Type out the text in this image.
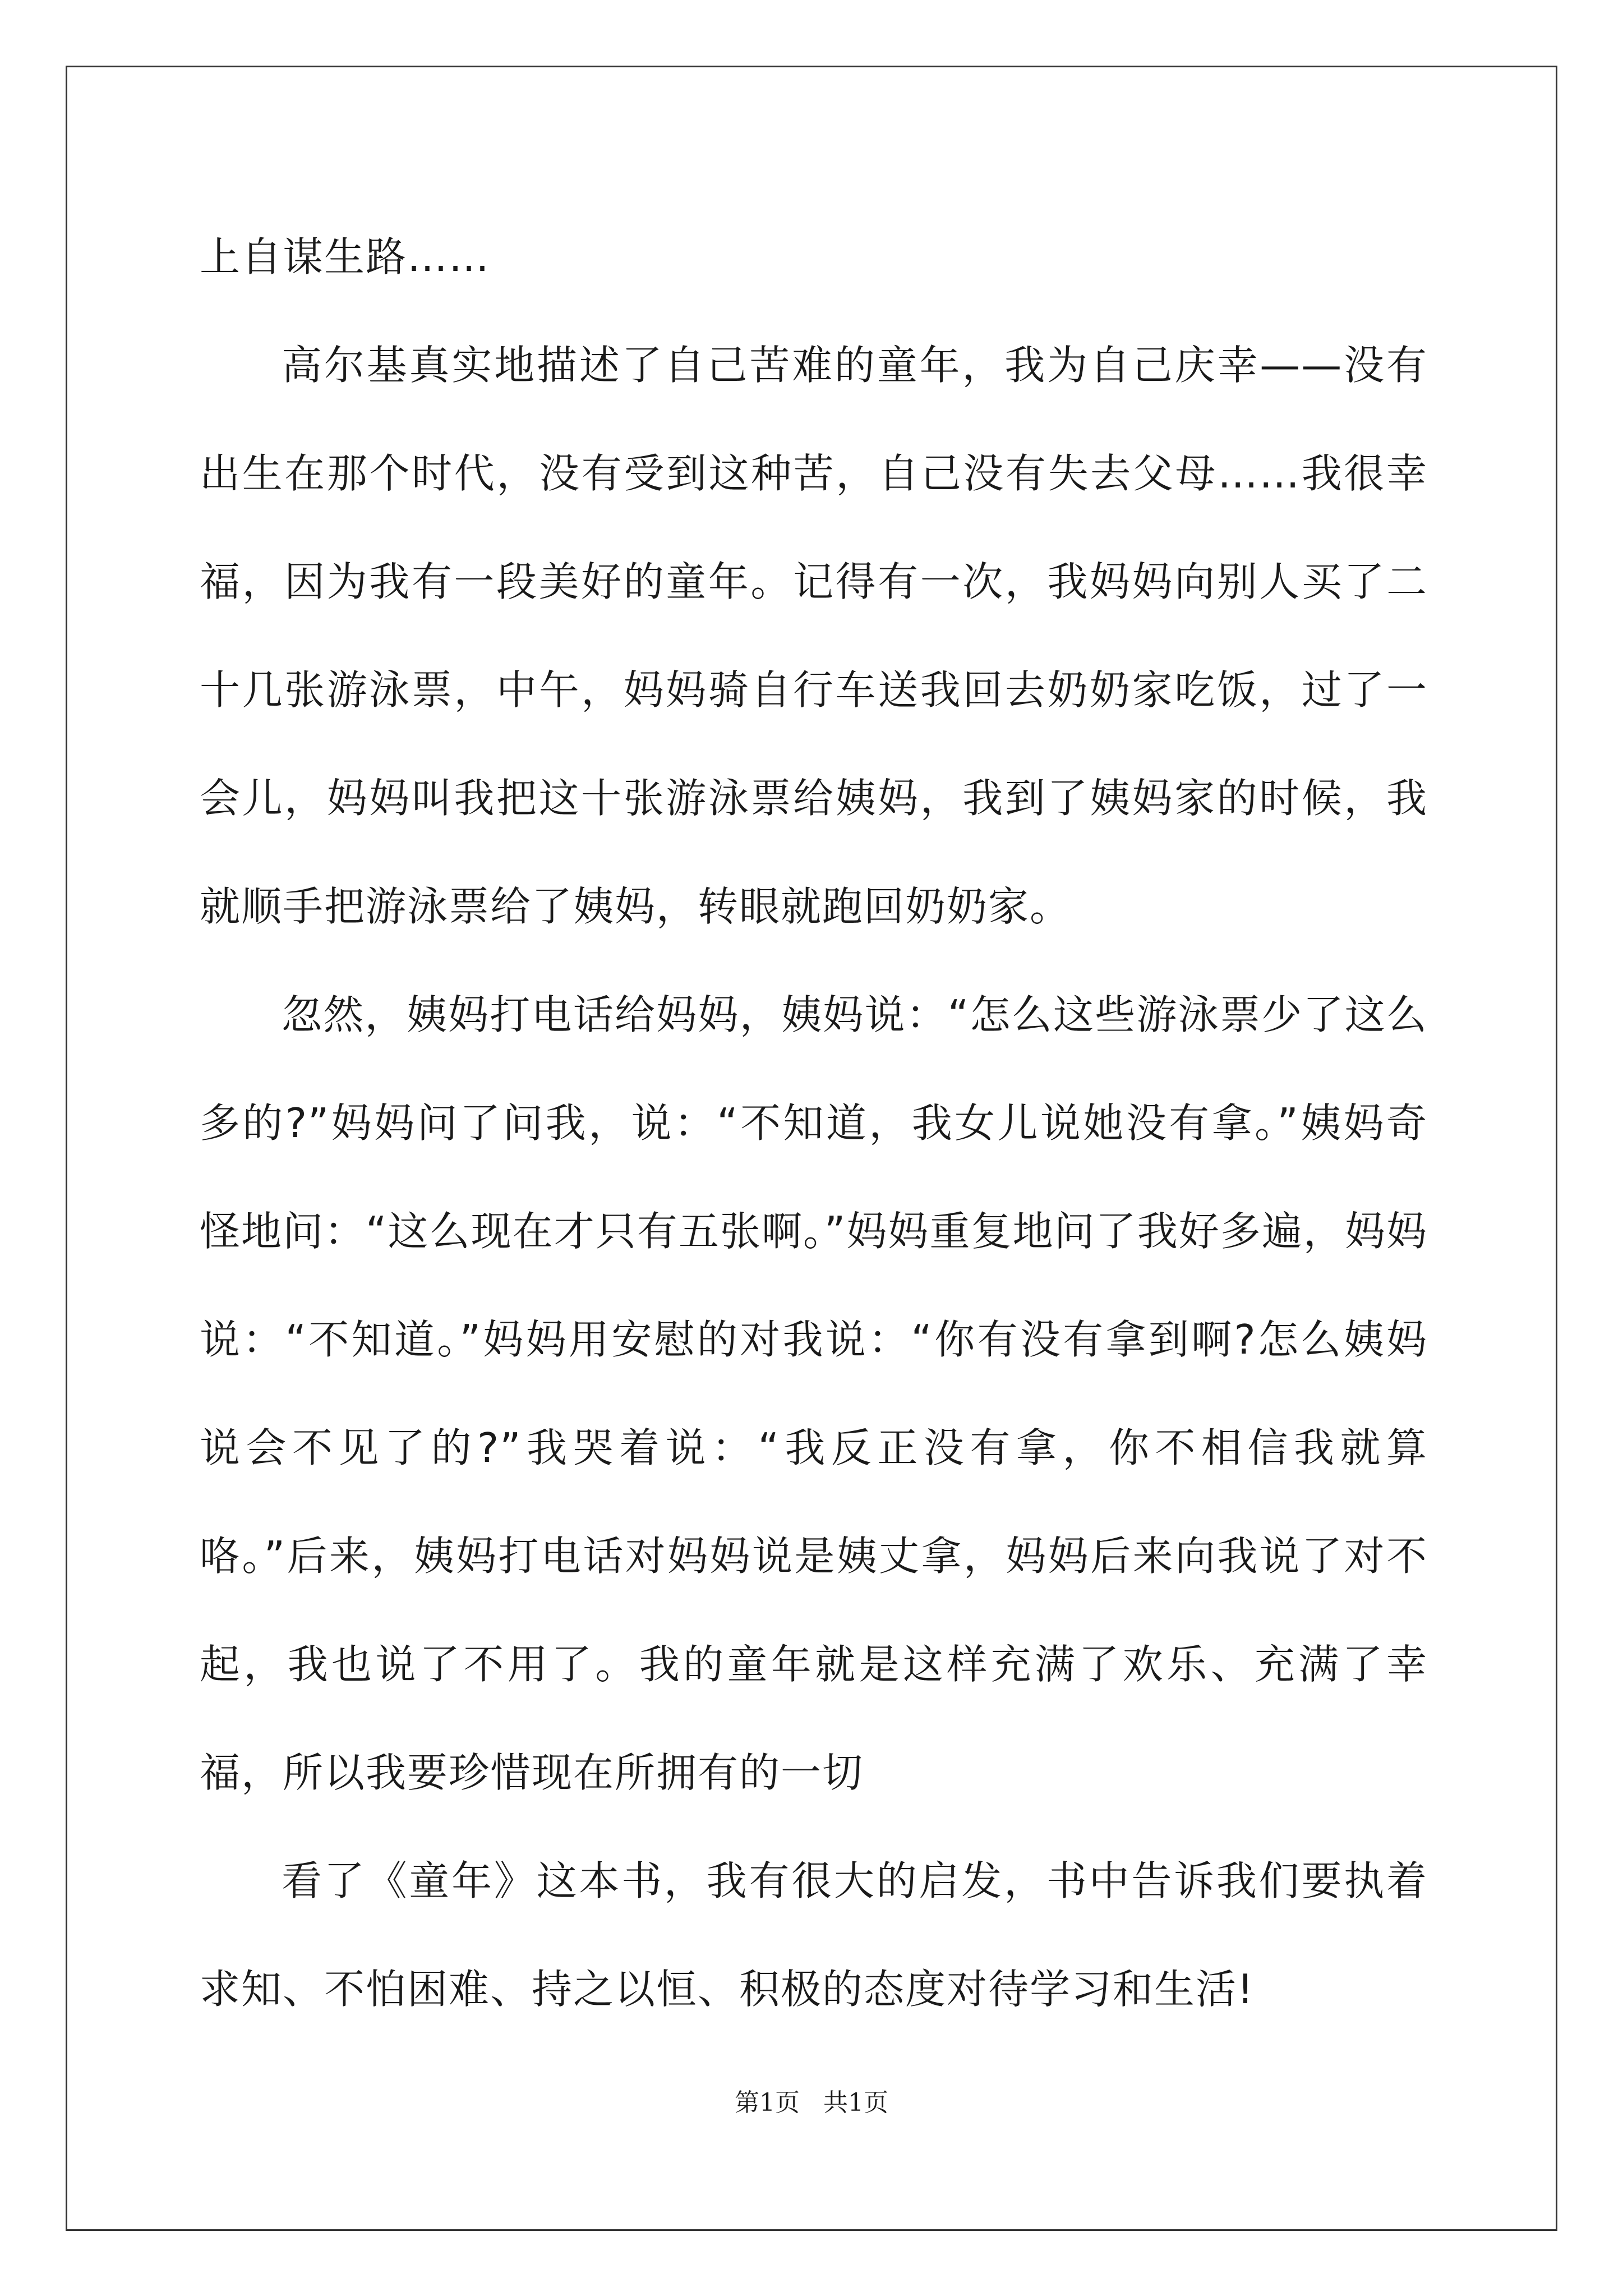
上自谋生路……

高尔基真实地描述了自己苦难的童年，我为自己庆幸——没有出生在那个时代，没有受到这种苦，自己没有失去父母……我很幸福，因为我有一段美好的童年。记得有一次，我妈妈向别人买了二十几张游泳票，中午，妈妈骑自行车送我回去奶奶家吃饭，过了一会儿，妈妈叫我把这十张游泳票给姨妈，我到了姨妈家的时候，我就顺手把游泳票给了姨妈，转眼就跑回奶奶家。

忽然，姨妈打电话给妈妈，姨妈说：“怎么这些游泳票少了这么多的?”妈妈问了问我，说：“不知道，我女儿说她没有拿。”姨妈奇怪地问：“这么现在才只有五张啊。”妈妈重复地问了我好多遍，妈妈说：“不知道。”妈妈用安慰的对我说：“你有没有拿到啊?怎么姨妈说会不见了的?”我哭着说：“我反正没有拿，你不相信我就算咯。”后来，姨妈打电话对妈妈说是姨丈拿，妈妈后来向我说了对不起，我也说了不用了。我的童年就是这样充满了欢乐、充满了幸福，所以我要珍惜现在所拥有的一切

看了《童年》这本书，我有很大的启发，书中告诉我们要执着求知、不怕困难、持之以恒、积极的态度对待学习和生活!

第1页   共1页
